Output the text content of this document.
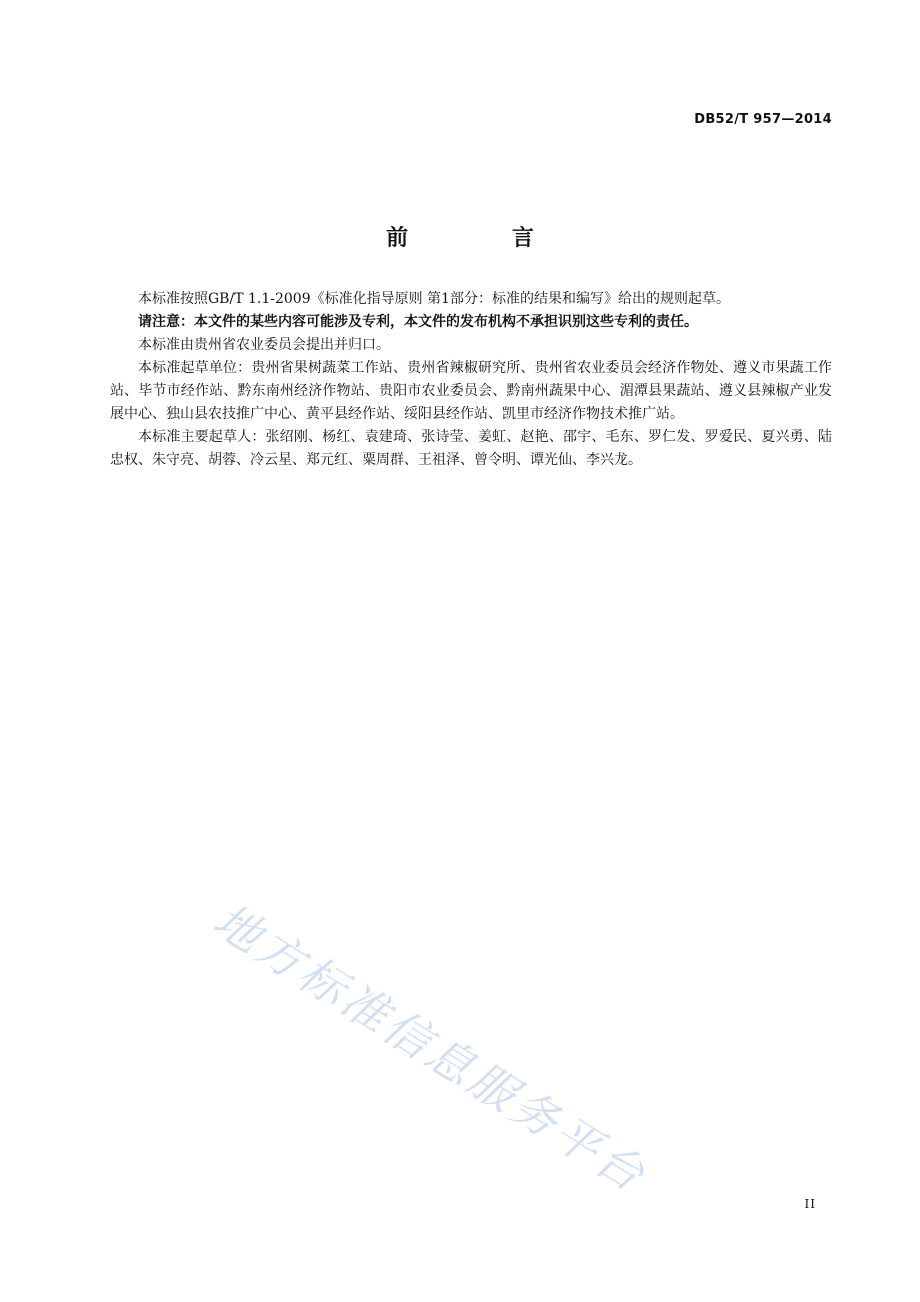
DB52/T 957—2014
前 言

本标准按照GB/T 1.1-2009《标准化指导原则 第1部分：标准的结果和编写》给出的规则起草。

请注意：本文件的某些内容可能涉及专利，本文件的发布机构不承担识别这些专利的责任。

本标准由贵州省农业委员会提出并归口。

本标准起草单位：贵州省果树蔬菜工作站、贵州省辣椒研究所、贵州省农业委员会经济作物处、遵义市果蔬工作站、毕节市经作站、黔东南州经济作物站、贵阳市农业委员会、黔南州蔬果中心、湄潭县果蔬站、遵义县辣椒产业发展中心、独山县农技推广中心、黄平县经作站、绥阳县经作站、凯里市经济作物技术推广站。

本标准主要起草人：张绍刚、杨红、袁建琦、张诗莹、姜虹、赵艳、邵宇、毛东、罗仁发、罗爱民、夏兴勇、陆忠权、朱守亮、胡蓉、冷云星、郑元红、粟周群、王祖泽、曾令明、谭光仙、李兴龙。

地方标准信息服务平台
II
